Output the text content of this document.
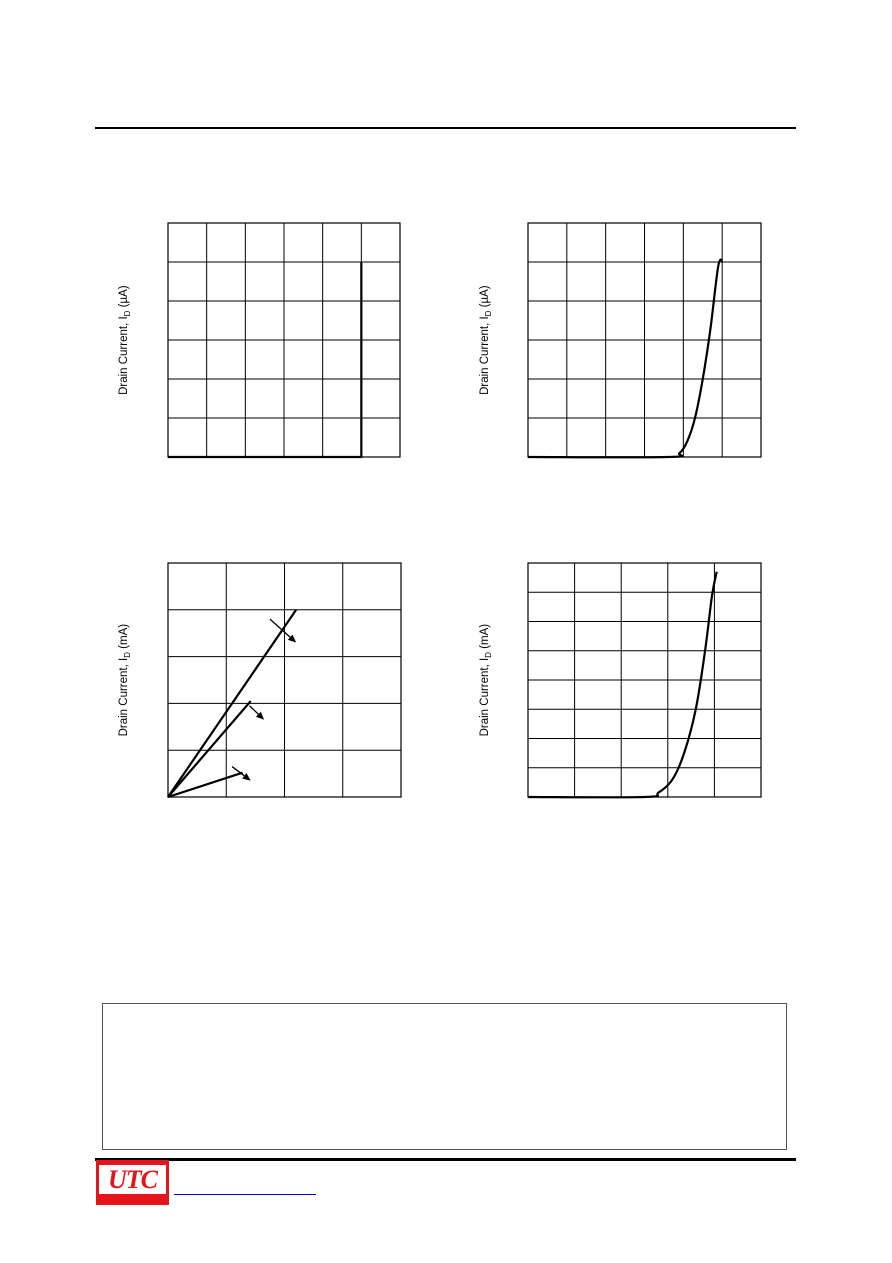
Drain Current, $I_D$ (µA)
Drain Current, $I_D$ (µA)
Drain Current, $I_D$ (mA)
Drain Current, $I_D$ (mA)
UTC
